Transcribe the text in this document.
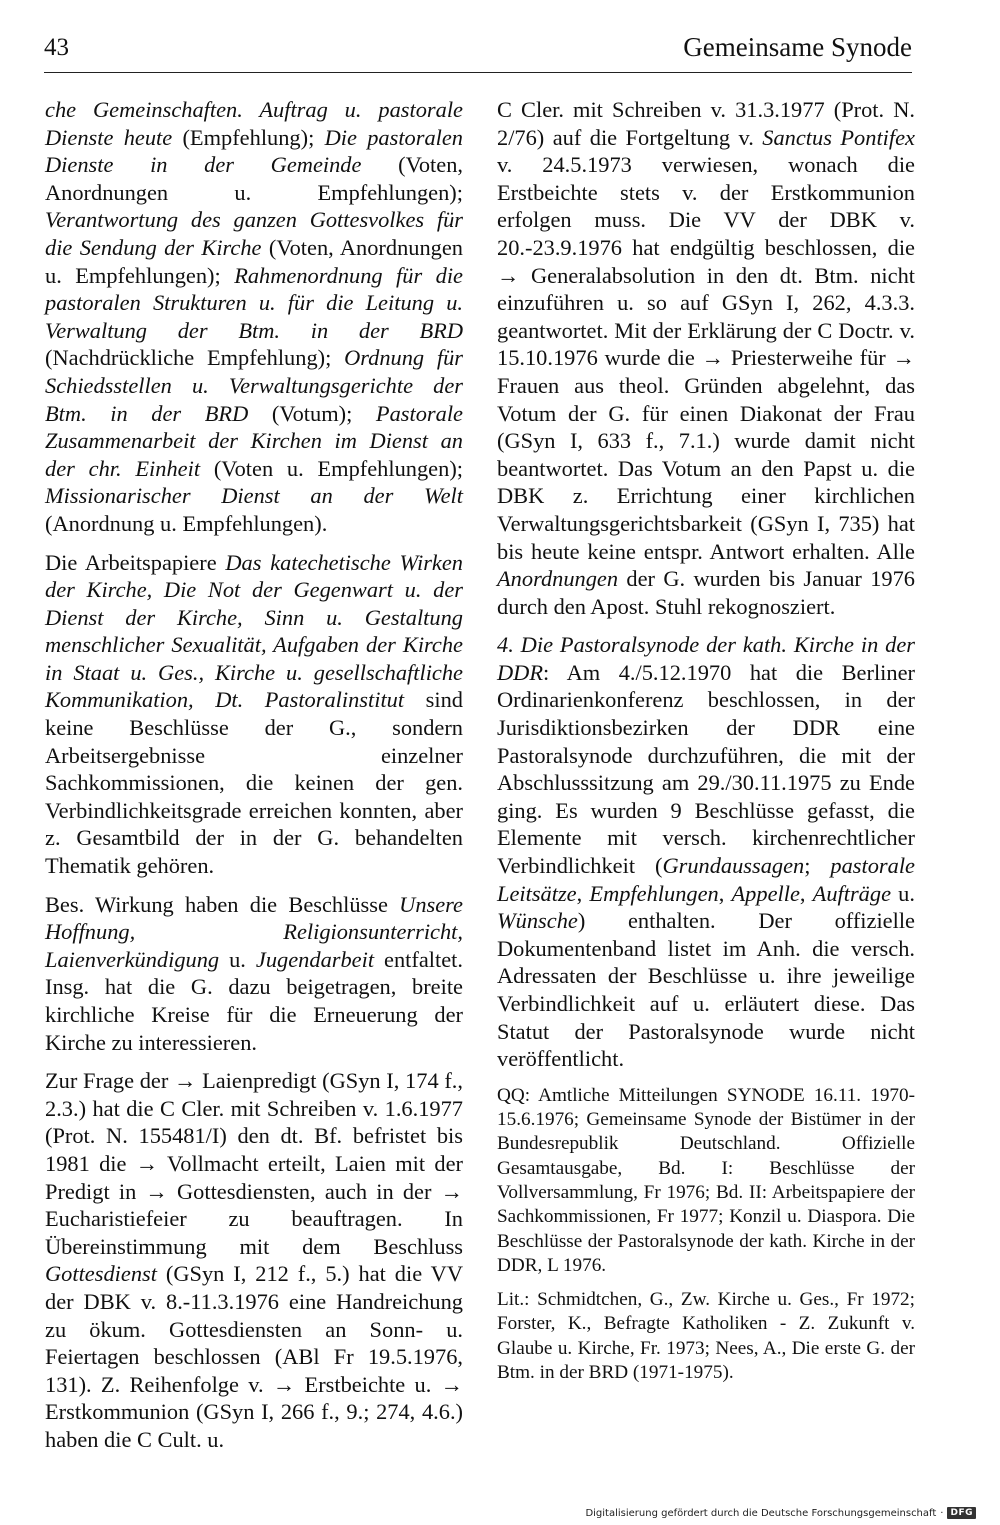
43	Gemeinsame Synode

che Gemeinschaften. Auftrag u. pastorale Dienste heute (Empfehlung); Die pastoralen Dienste in der Gemeinde (Voten, Anordnungen u. Empfehlungen); Verantwortung des ganzen Gottesvolkes für die Sendung der Kirche (Voten, Anordnungen u. Empfehlungen); Rahmenordnung für die pastoralen Strukturen u. für die Leitung u. Verwaltung der Btm. in der BRD (Nachdrückliche Empfehlung); Ordnung für Schiedsstellen u. Verwaltungsgerichte der Btm. in der BRD (Votum); Pastorale Zusammenarbeit der Kirchen im Dienst an der chr. Einheit (Voten u. Empfehlungen); Missionarischer Dienst an der Welt (Anordnung u. Empfehlungen).

Die Arbeitspapiere Das katechetische Wirken der Kirche, Die Not der Gegenwart u. der Dienst der Kirche, Sinn u. Gestaltung menschlicher Sexualität, Aufgaben der Kirche in Staat u. Ges., Kirche u. gesellschaftliche Kommunikation, Dt. Pastoralinstitut sind keine Beschlüsse der G., sondern Arbeitsergebnisse einzelner Sachkommissionen, die keinen der gen. Verbindlichkeitsgrade erreichen konnten, aber z. Gesamtbild der in der G. behandelten Thematik gehören.

Bes. Wirkung haben die Beschlüsse Unsere Hoffnung, Religionsunterricht, Laienverkündigung u. Jugendarbeit entfaltet. Insg. hat die G. dazu beigetragen, breite kirchliche Kreise für die Erneuerung der Kirche zu interessieren.

Zur Frage der → Laienpredigt (GSyn I, 174 f., 2.3.) hat die C Cler. mit Schreiben v. 1.6.1977 (Prot. N. 155481/I) den dt. Bf. befristet bis 1981 die → Vollmacht erteilt, Laien mit der Predigt in → Gottesdiensten, auch in der → Eucharistiefeier zu beauftragen. In Übereinstimmung mit dem Beschluss Gottesdienst (GSyn I, 212 f., 5.) hat die VV der DBK v. 8.-11.3.1976 eine Handreichung zu ökum. Gottesdiensten an Sonn- u. Feiertagen beschlossen (ABl Fr 19.5.1976, 131). Z. Reihenfolge v. → Erstbeichte u. → Erstkommunion (GSyn I, 266 f., 9.; 274, 4.6.) haben die C Cult. u.

C Cler. mit Schreiben v. 31.3.1977 (Prot. N. 2/76) auf die Fortgeltung v. Sanctus Pontifex v. 24.5.1973 verwiesen, wonach die Erstbeichte stets v. der Erstkommunion erfolgen muss. Die VV der DBK v. 20.-23.9.1976 hat endgültig beschlossen, die → Generalabsolution in den dt. Btm. nicht einzuführen u. so auf GSyn I, 262, 4.3.3. geantwortet. Mit der Erklärung der C Doctr. v. 15.10.1976 wurde die → Priesterweihe für → Frauen aus theol. Gründen abgelehnt, das Votum der G. für einen Diakonat der Frau (GSyn I, 633 f., 7.1.) wurde damit nicht beantwortet. Das Votum an den Papst u. die DBK z. Errichtung einer kirchlichen Verwaltungsgerichtsbarkeit (GSyn I, 735) hat bis heute keine entspr. Antwort erhalten. Alle Anordnungen der G. wurden bis Januar 1976 durch den Apost. Stuhl rekognosziert.

4. Die Pastoralsynode der kath. Kirche in der DDR: Am 4./5.12.1970 hat die Berliner Ordinarienkonferenz beschlossen, in der Jurisdiktionsbezirken der DDR eine Pastoralsynode durchzuführen, die mit der Abschlusssitzung am 29./30.11.1975 zu Ende ging. Es wurden 9 Beschlüsse gefasst, die Elemente mit versch. kirchenrechtlicher Verbindlichkeit (Grundaussagen; pastorale Leitsätze, Empfehlungen, Appelle, Aufträge u. Wünsche) enthalten. Der offizielle Dokumentenband listet im Anh. die versch. Adressaten der Beschlüsse u. ihre jeweilige Verbindlichkeit auf u. erläutert diese. Das Statut der Pastoralsynode wurde nicht veröffentlicht.

QQ: Amtliche Mitteilungen SYNODE 16.11. 1970-15.6.1976; Gemeinsame Synode der Bistümer in der Bundesrepublik Deutschland. Offizielle Gesamtausgabe, Bd. I: Beschlüsse der Vollversammlung, Fr 1976; Bd. II: Arbeitspapiere der Sachkommissionen, Fr 1977; Konzil u. Diaspora. Die Beschlüsse der Pastoralsynode der kath. Kirche in der DDR, L 1976.

Lit.: Schmidtchen, G., Zw. Kirche u. Ges., Fr 1972; Forster, K., Befragte Katholiken - Z. Zukunft v. Glaube u. Kirche, Fr. 1973; Nees, A., Die erste G. der Btm. in der BRD (1971-1975).

Digitalisierung gefördert durch die Deutsche Forschungsgemeinschaft · DFG
